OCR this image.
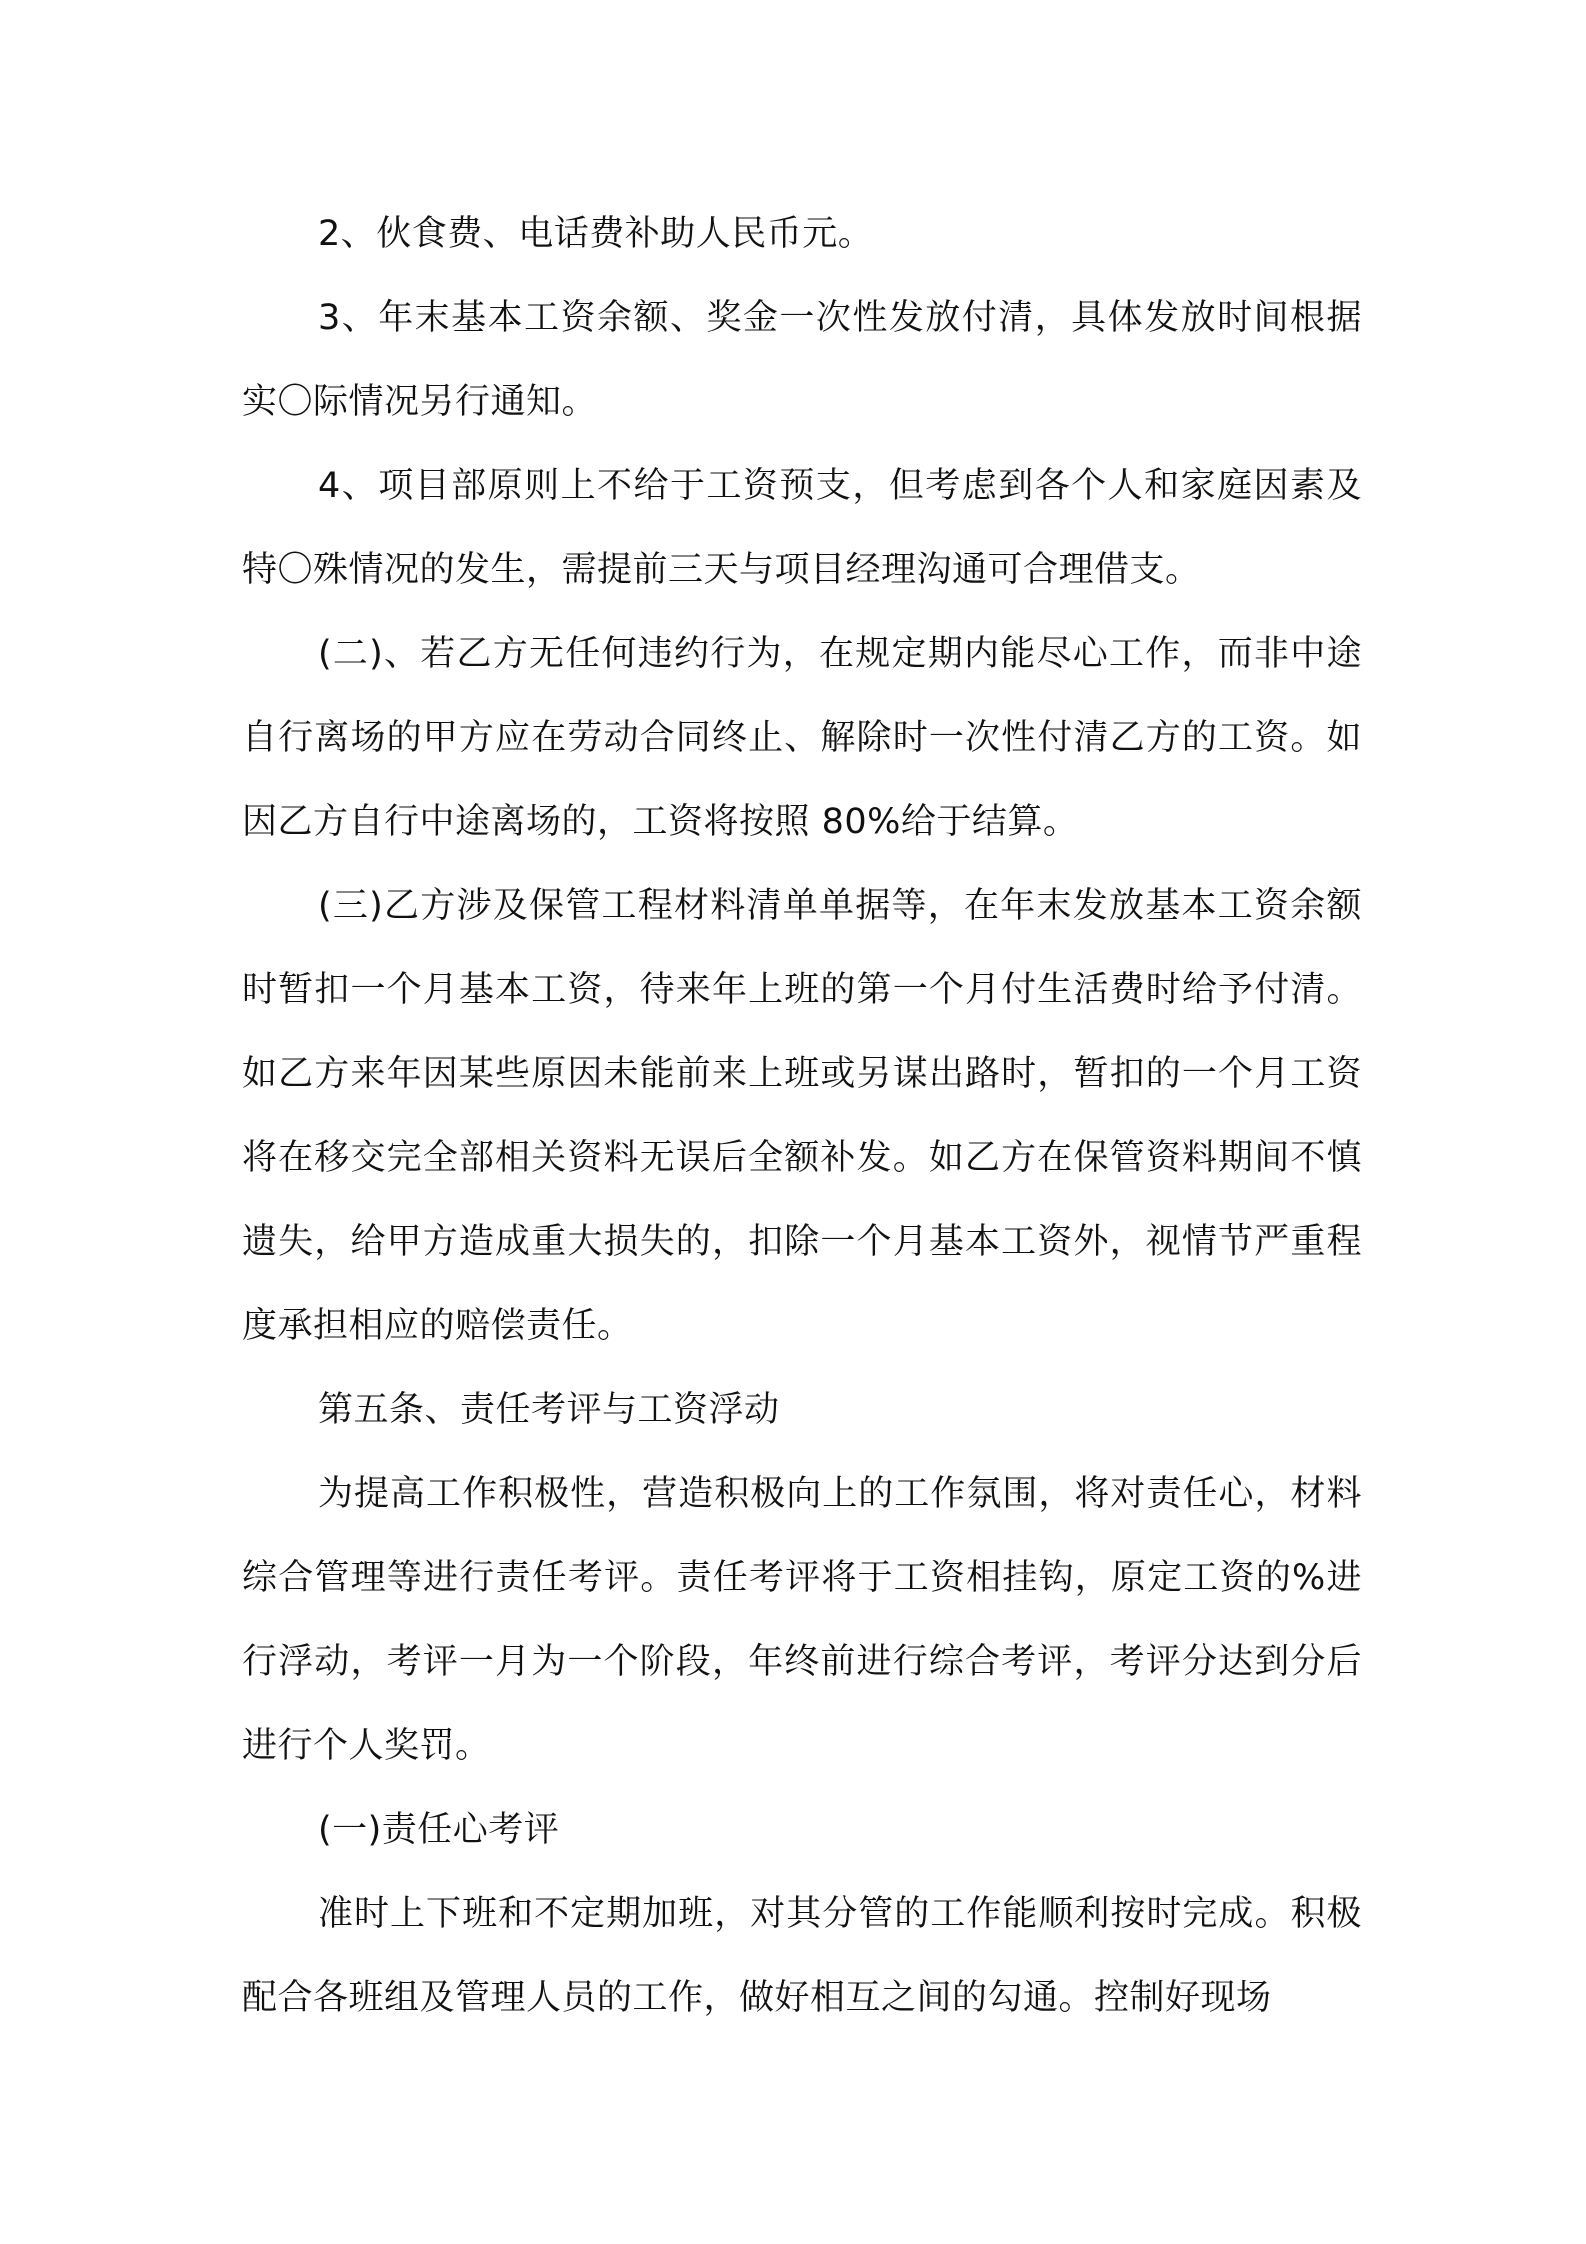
2、伙食费、电话费补助人民币元。

3、年末基本工资余额、奖金一次性发放付清，具体发放时间根据实〇际情况另行通知。

4、项目部原则上不给于工资预支，但考虑到各个人和家庭因素及特〇殊情况的发生，需提前三天与项目经理沟通可合理借支。

(二)、若乙方无任何违约行为，在规定期内能尽心工作，而非中途自行离场的甲方应在劳动合同终止、解除时一次性付清乙方的工资。如因乙方自行中途离场的，工资将按照 80%给于结算。

(三)乙方涉及保管工程材料清单单据等，在年末发放基本工资余额时暂扣一个月基本工资，待来年上班的第一个月付生活费时给予付清。如乙方来年因某些原因未能前来上班或另谋出路时，暂扣的一个月工资将在移交完全部相关资料无误后全额补发。如乙方在保管资料期间不慎遗失，给甲方造成重大损失的，扣除一个月基本工资外，视情节严重程度承担相应的赔偿责任。

第五条、责任考评与工资浮动

为提高工作积极性，营造积极向上的工作氛围，将对责任心，材料综合管理等进行责任考评。责任考评将于工资相挂钩，原定工资的%进行浮动，考评一月为一个阶段，年终前进行综合考评，考评分达到分后进行个人奖罚。

(一)责任心考评

准时上下班和不定期加班，对其分管的工作能顺利按时完成。积极配合各班组及管理人员的工作，做好相互之间的勾通。控制好现场
